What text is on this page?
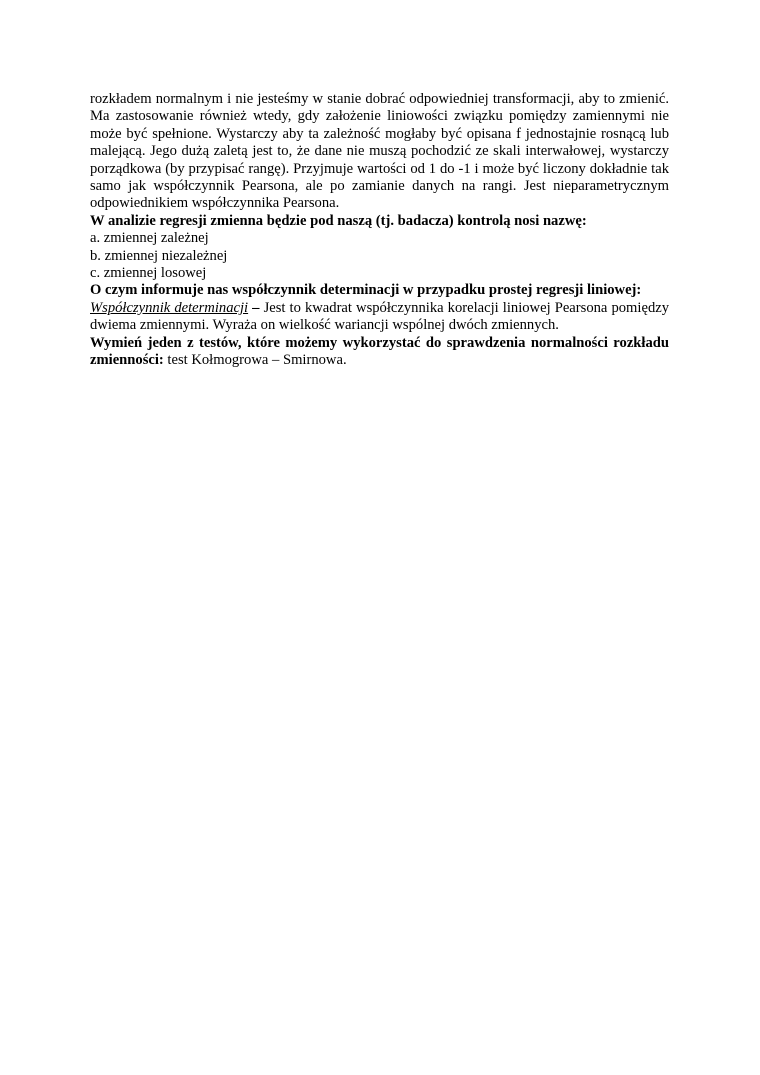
rozkładem normalnym i nie jesteśmy w stanie dobrać odpowiedniej transformacji, aby to zmienić. Ma zastosowanie również wtedy, gdy założenie liniowości związku pomiędzy zamiennymi nie może być spełnione. Wystarczy aby ta zależność mogłaby być opisana f jednostajnie rosnącą lub malejącą. Jego dużą zaletą jest to, że dane nie muszą pochodzić ze skali interwałowej, wystarczy porządkowa (by przypisać rangę). Przyjmuje wartości od 1 do -1 i może być liczony dokładnie tak samo jak współczynnik Pearsona, ale po zamianie danych na rangi. Jest nieparametrycznym odpowiednikiem współczynnika Pearsona.

W analizie regresji zmienna będzie pod naszą (tj. badacza) kontrolą nosi nazwę:

a. zmiennej zależnej

b. zmiennej niezależnej

c. zmiennej losowej

O czym informuje nas współczynnik determinacji w przypadku prostej regresji liniowej:

Współczynnik determinacji – Jest to kwadrat współczynnika korelacji liniowej Pearsona pomiędzy dwiema zmiennymi. Wyraża on wielkość wariancji wspólnej dwóch zmiennych.

Wymień jeden z testów, które możemy wykorzystać do sprawdzenia normalności rozkładu zmienności: test Kołmogrowa – Smirnowa.
